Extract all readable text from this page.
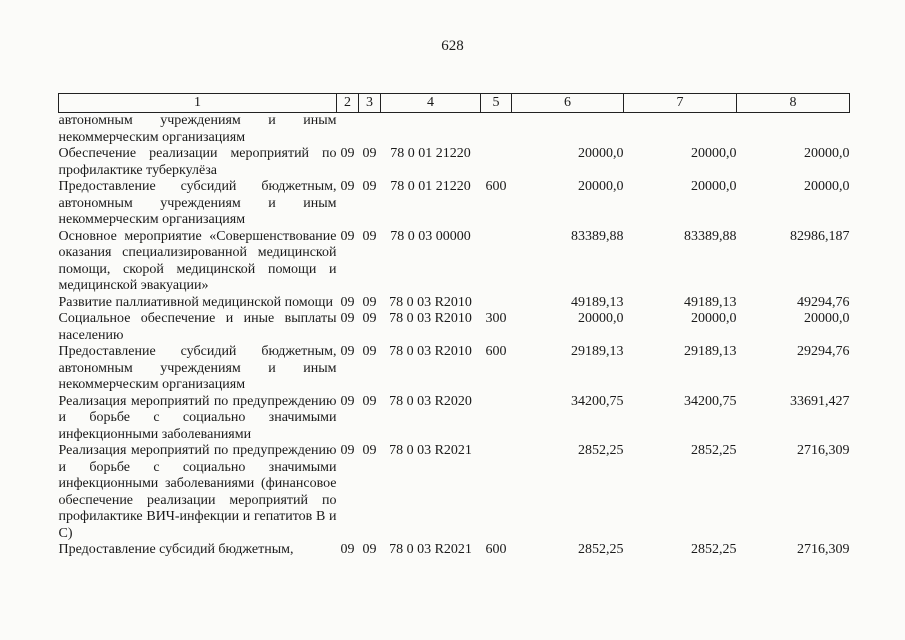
628
1	2	3	4	5	6	7	8
автономным учреждениям и иным некоммерческим организациям							
Обеспечение реализации мероприятий по профилактике туберкулёза	09	09	78 0 01 21220		20000,0	20000,0	20000,0
Предоставление субсидий бюджетным, автономным учреждениям и иным некоммерческим организациям	09	09	78 0 01 21220	600	20000,0	20000,0	20000,0
Основное мероприятие «Совершенствование оказания специализированной медицинской помощи, скорой медицинской помощи и медицинской эвакуации»	09	09	78 0 03 00000		83389,88	83389,88	82986,187
Развитие паллиативной медицинской помощи	09	09	78 0 03 R2010		49189,13	49189,13	49294,76
Социальное обеспечение и иные выплаты населению	09	09	78 0 03 R2010	300	20000,0	20000,0	20000,0
Предоставление субсидий бюджетным, автономным учреждениям и иным некоммерческим организациям	09	09	78 0 03 R2010	600	29189,13	29189,13	29294,76
Реализация мероприятий по предупреждению и борьбе с социально значимыми инфекционными заболеваниями	09	09	78 0 03 R2020		34200,75	34200,75	33691,427
Реализация мероприятий по предупреждению и борьбе с социально значимыми инфекционными заболеваниями (финансовое обеспечение реализации мероприятий по профилактике ВИЧ-инфекции и гепатитов В и С)	09	09	78 0 03 R2021		2852,25	2852,25	2716,309
Предоставление субсидий бюджетным,	09	09	78 0 03 R2021	600	2852,25	2852,25	2716,309
